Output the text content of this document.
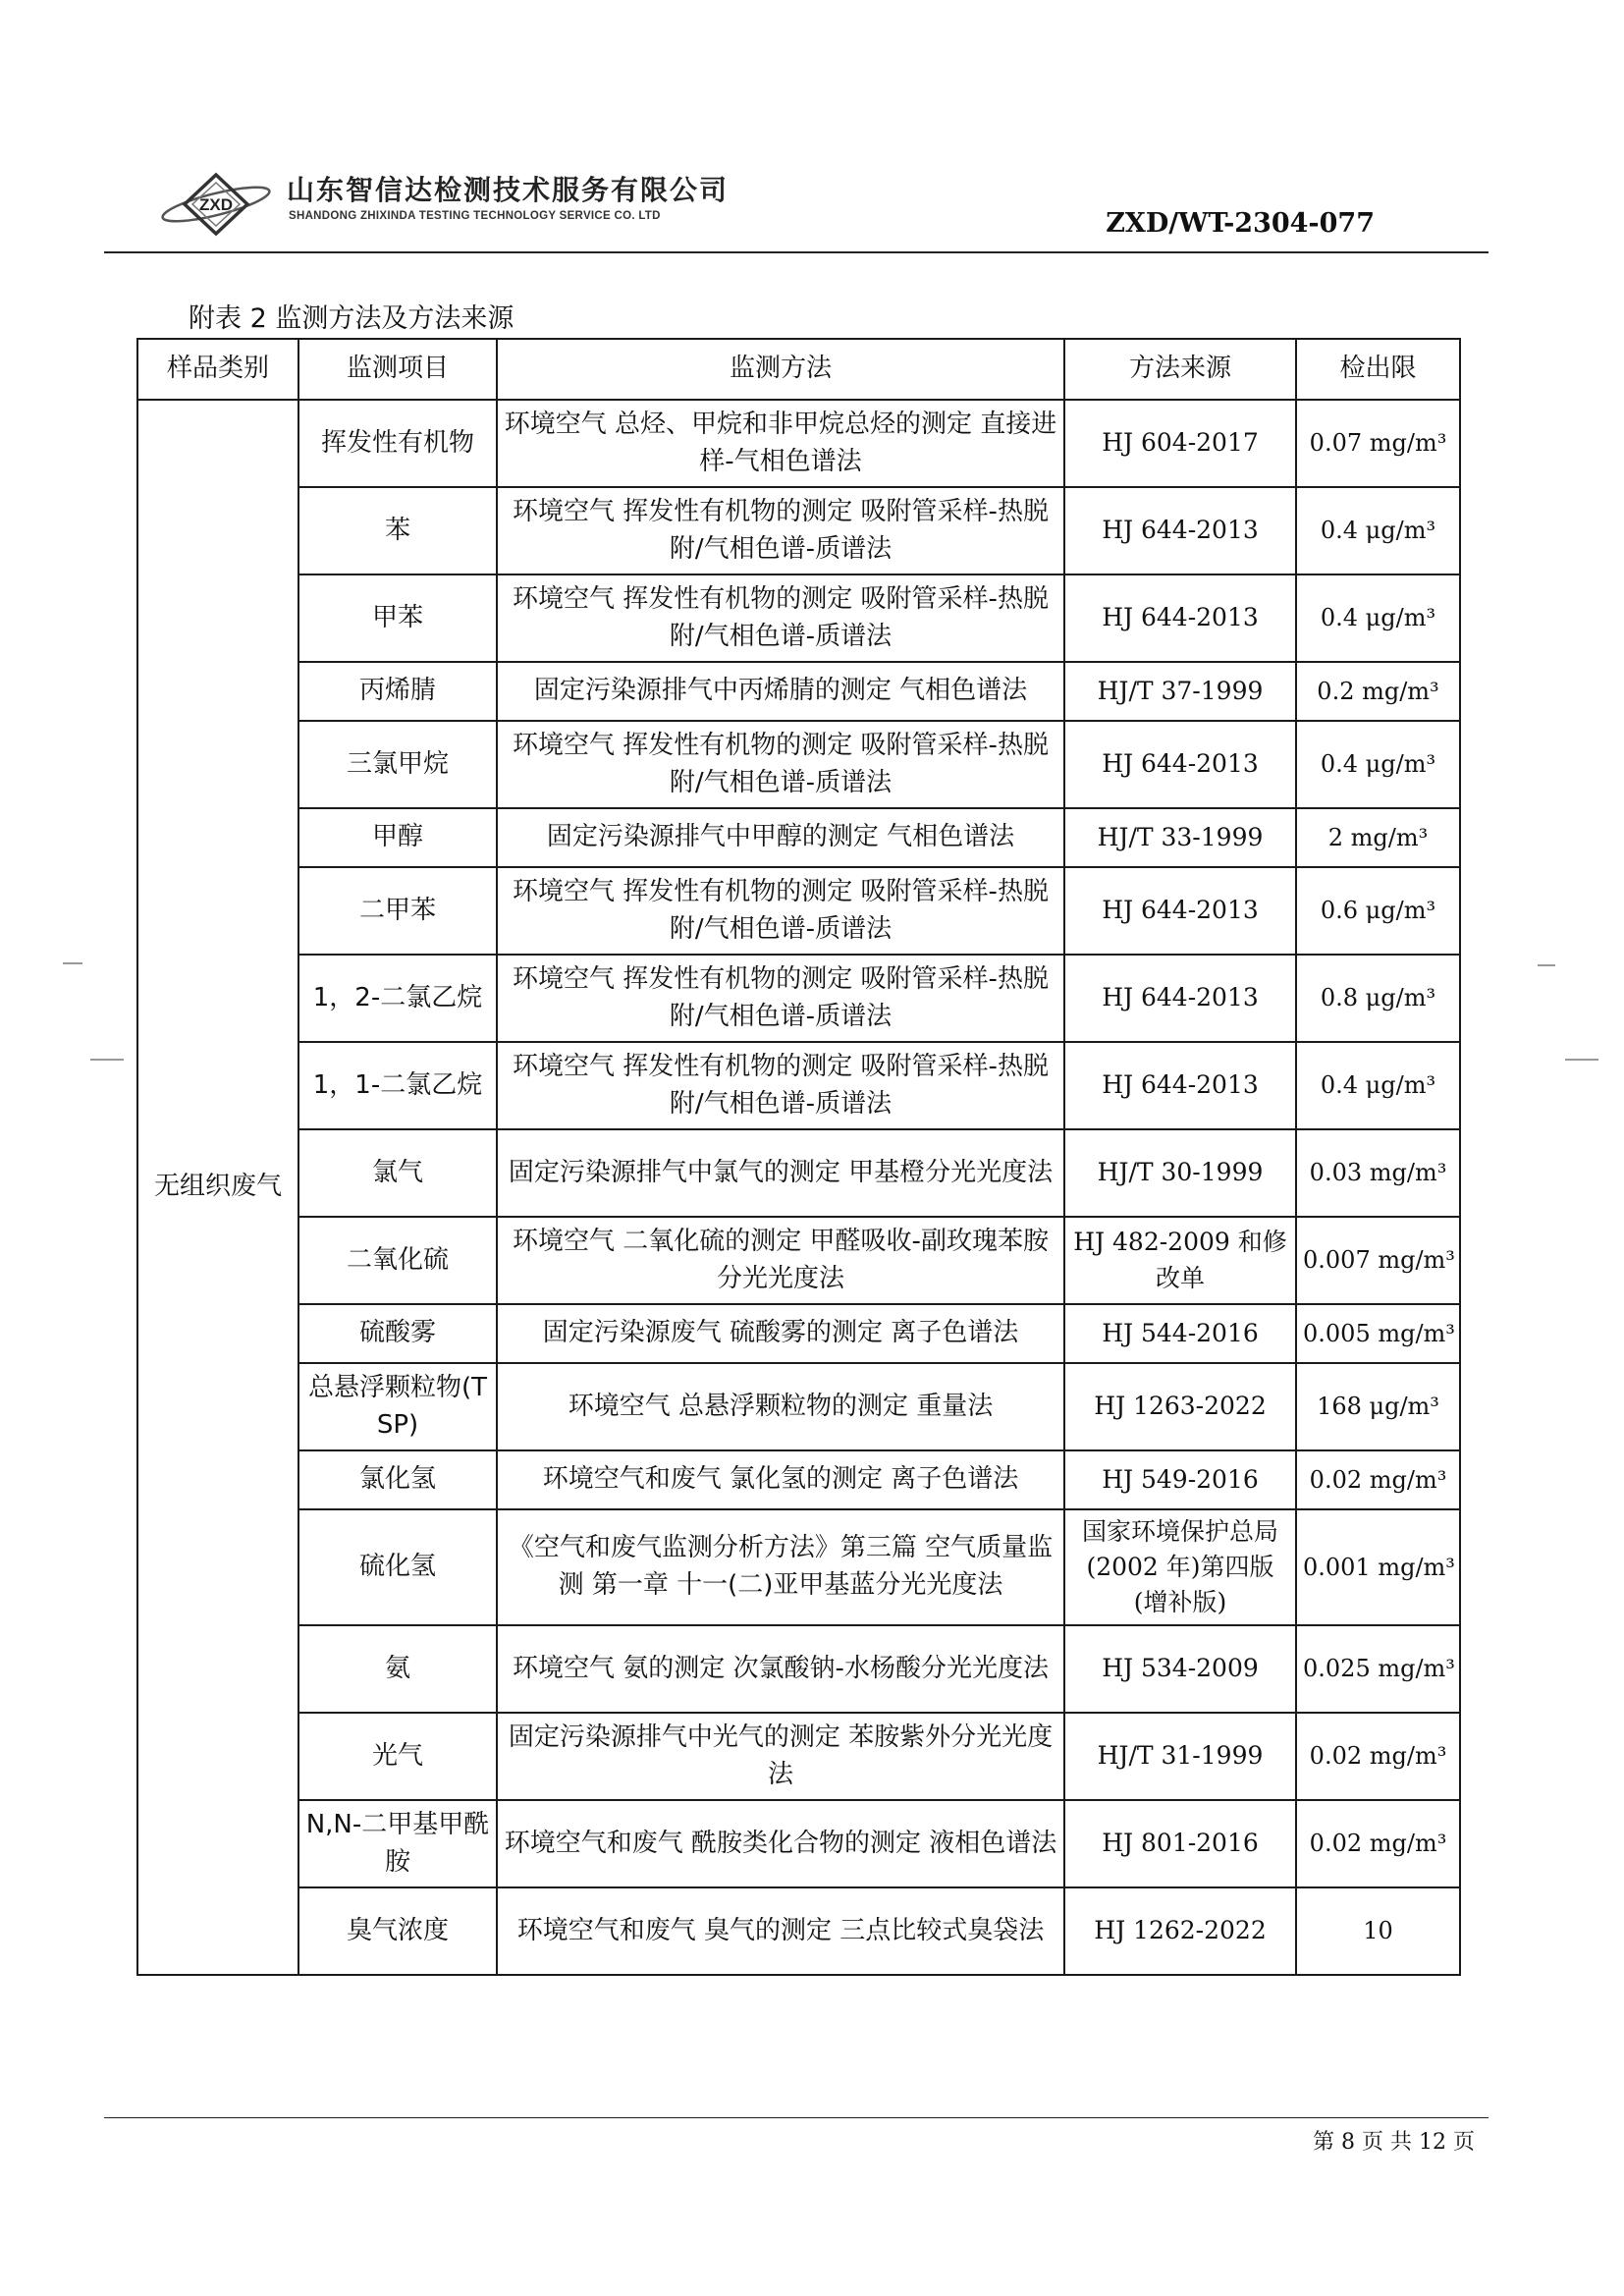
ZXD 山东智信达检测技术服务有限公司

SHANDONG ZHIXINDA TESTING TECHNOLOGY SERVICE CO. LTD	ZXD/WT-2304-077

附表 2 监测方法及方法来源

样品类别	监测项目	监测方法	方法来源	检出限
无组织废气	挥发性有机物	环境空气 总烃、甲烷和非甲烷总烃的测定 直接进样-气相色谱法	HJ 604-2017	0.07 mg/m³
	苯	环境空气 挥发性有机物的测定 吸附管采样-热脱附/气相色谱-质谱法	HJ 644-2013	0.4 μg/m³
	甲苯	环境空气 挥发性有机物的测定 吸附管采样-热脱附/气相色谱-质谱法	HJ 644-2013	0.4 μg/m³
	丙烯腈	固定污染源排气中丙烯腈的测定 气相色谱法	HJ/T 37-1999	0.2 mg/m³
	三氯甲烷	环境空气 挥发性有机物的测定 吸附管采样-热脱附/气相色谱-质谱法	HJ 644-2013	0.4 μg/m³
	甲醇	固定污染源排气中甲醇的测定 气相色谱法	HJ/T 33-1999	2 mg/m³
	二甲苯	环境空气 挥发性有机物的测定 吸附管采样-热脱附/气相色谱-质谱法	HJ 644-2013	0.6 μg/m³
	1，2-二氯乙烷	环境空气 挥发性有机物的测定 吸附管采样-热脱附/气相色谱-质谱法	HJ 644-2013	0.8 μg/m³
	1，1-二氯乙烷	环境空气 挥发性有机物的测定 吸附管采样-热脱附/气相色谱-质谱法	HJ 644-2013	0.4 μg/m³
	氯气	固定污染源排气中氯气的测定 甲基橙分光光度法	HJ/T 30-1999	0.03 mg/m³
	二氧化硫	环境空气 二氧化硫的测定 甲醛吸收-副玫瑰苯胺分光光度法	HJ 482-2009 和修改单	0.007 mg/m³
	硫酸雾	固定污染源废气 硫酸雾的测定 离子色谱法	HJ 544-2016	0.005 mg/m³
	总悬浮颗粒物(TSP)	环境空气 总悬浮颗粒物的测定 重量法	HJ 1263-2022	168 μg/m³
	氯化氢	环境空气和废气 氯化氢的测定 离子色谱法	HJ 549-2016	0.02 mg/m³
	硫化氢	《空气和废气监测分析方法》第三篇 空气质量监测 第一章 十一(二)亚甲基蓝分光光度法	国家环境保护总局(2002 年)第四版(增补版)	0.001 mg/m³
	氨	环境空气 氨的测定 次氯酸钠-水杨酸分光光度法	HJ 534-2009	0.025 mg/m³
	光气	固定污染源排气中光气的测定 苯胺紫外分光光度法	HJ/T 31-1999	0.02 mg/m³
	N,N-二甲基甲酰胺	环境空气和废气 酰胺类化合物的测定 液相色谱法	HJ 801-2016	0.02 mg/m³
	臭气浓度	环境空气和废气 臭气的测定 三点比较式臭袋法	HJ 1262-2022	10

第 8 页 共 12 页
